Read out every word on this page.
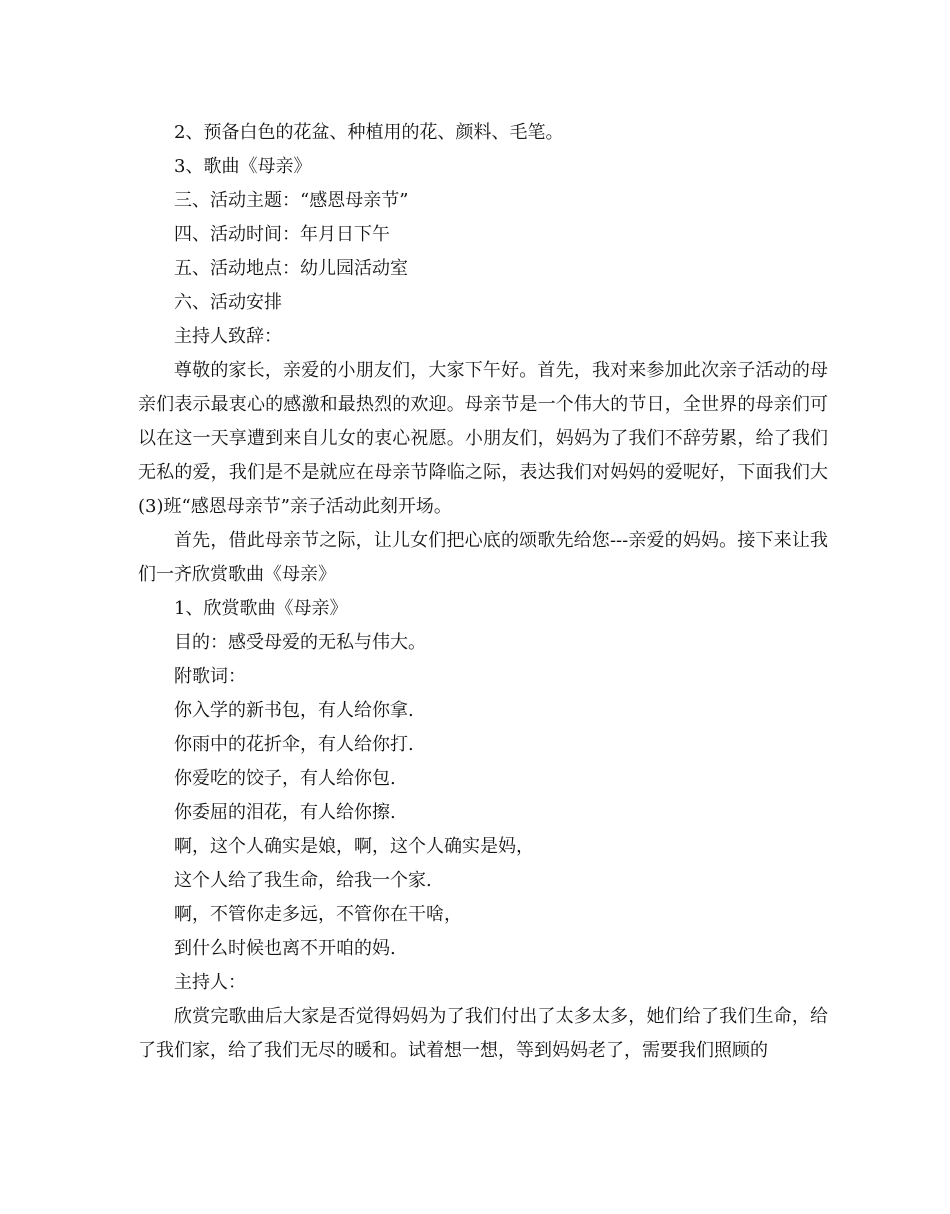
2、预备白色的花盆、种植用的花、颜料、毛笔。
3、歌曲《母亲》
三、活动主题：“感恩母亲节”
四、活动时间：年月日下午
五、活动地点：幼儿园活动室
六、活动安排
主持人致辞：

尊敬的家长，亲爱的小朋友们，大家下午好。首先，我对来参加此次亲子活动的母亲们表示最衷心的感激和最热烈的欢迎。母亲节是一个伟大的节日，全世界的母亲们可以在这一天享遭到来自儿女的衷心祝愿。小朋友们，妈妈为了我们不辞劳累，给了我们无私的爱，我们是不是就应在母亲节降临之际，表达我们对妈妈的爱呢好，下面我们大(3)班“感恩母亲节”亲子活动此刻开场。

首先，借此母亲节之际，让儿女们把心底的颂歌先给您---亲爱的妈妈。接下来让我们一齐欣赏歌曲《母亲》

1、欣赏歌曲《母亲》
目的：感受母爱的无私与伟大。
附歌词：
你入学的新书包，有人给你拿.
你雨中的花折伞，有人给你打.
你爱吃的饺子，有人给你包.
你委屈的泪花，有人给你擦.
啊，这个人确实是娘，啊，这个人确实是妈，
这个人给了我生命，给我一个家.
啊，不管你走多远，不管你在干啥，
到什么时候也离不开咱的妈.
主持人：

欣赏完歌曲后大家是否觉得妈妈为了我们付出了太多太多，她们给了我们生命，给了我们家，给了我们无尽的暖和。试着想一想，等到妈妈老了，需要我们照顾的
